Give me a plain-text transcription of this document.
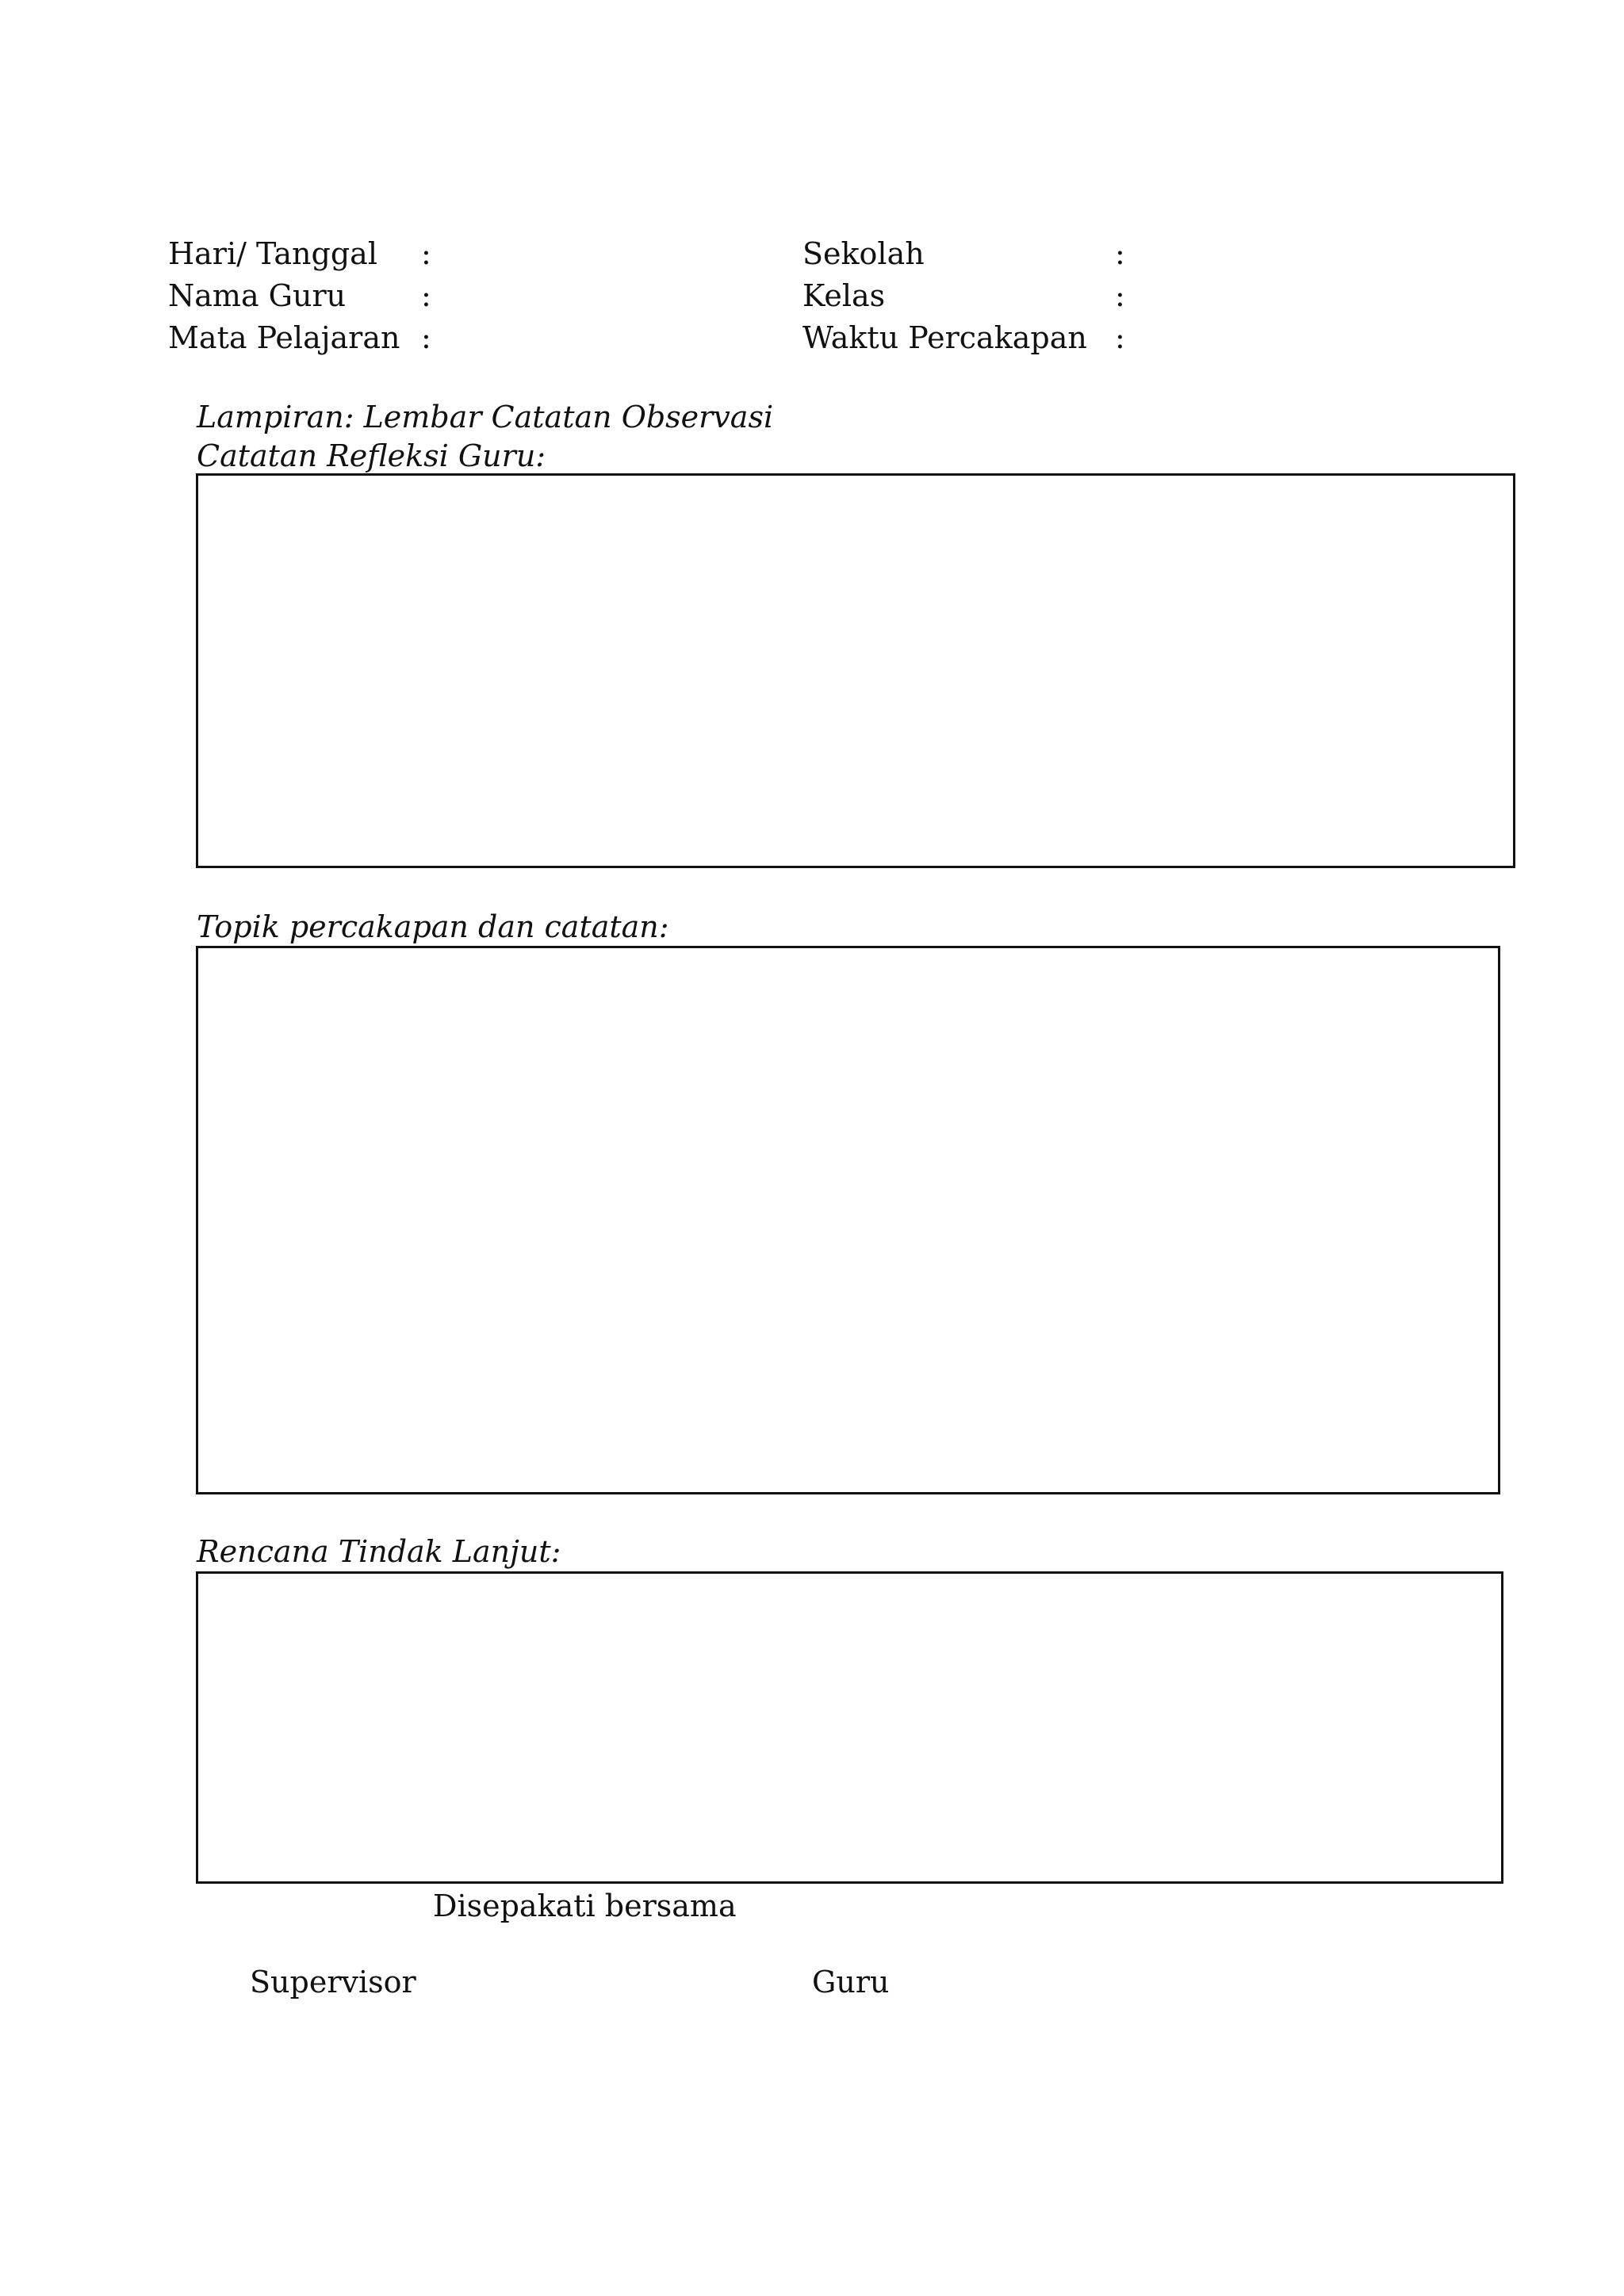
Hari/ Tanggal :
Nama Guru :
Mata Pelajaran :
Sekolah	:
Kelas	:
Waktu Percakapan :
Lampiran: Lembar Catatan Observasi
Catatan Refleksi Guru:
Topik percakapan dan catatan:
Rencana Tindak Lanjut:
Disepakati bersama
Supervisor	Guru
